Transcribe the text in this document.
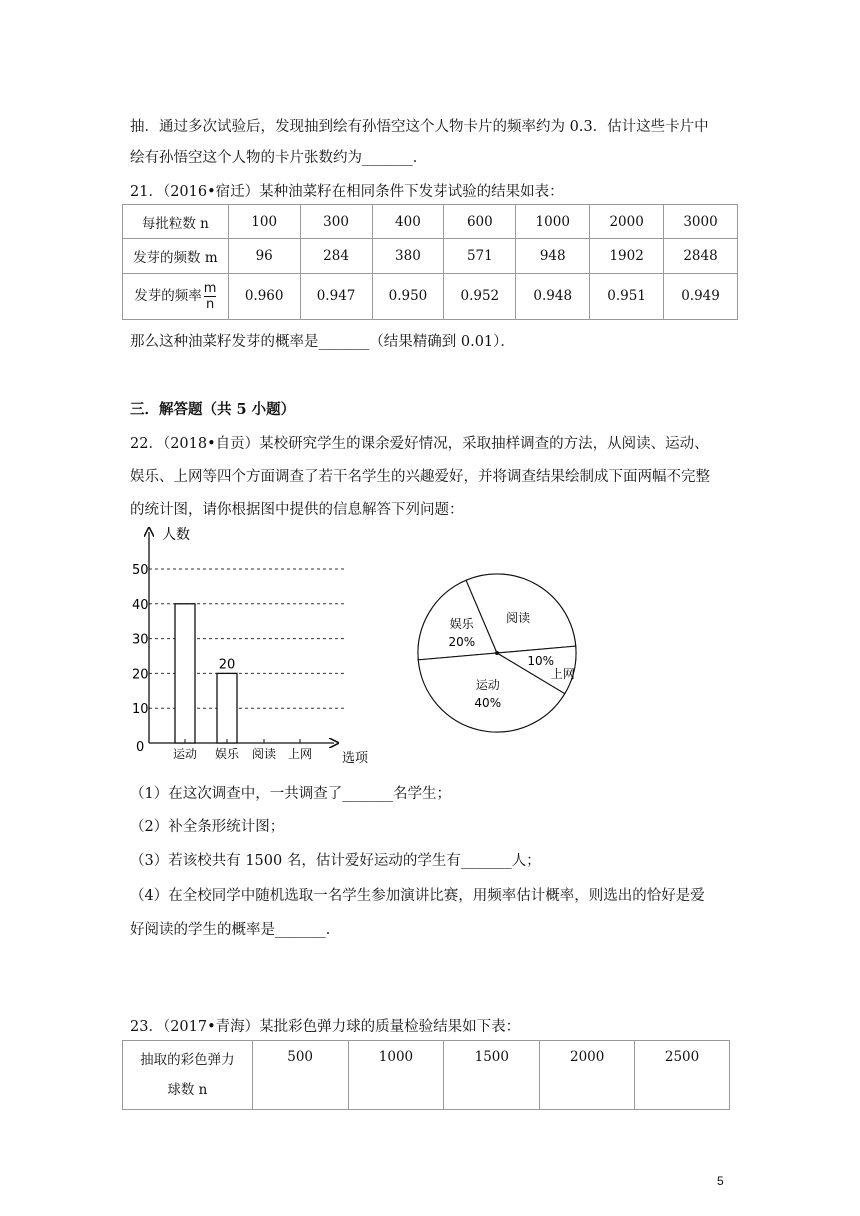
抽．通过多次试验后，发现抽到绘有孙悟空这个人物卡片的频率约为 0.3．估计这些卡片中
绘有孙悟空这个人物的卡片张数约为_______．
21．（2016•宿迁）某种油菜籽在相同条件下发芽试验的结果如表：
每批粒数 n	100	300	400	600	1000	2000	3000
发芽的频数 m	96	284	380	571	948	1902	2848
发芽的频率 $\frac{m}{n}$	0.960	0.947	0.950	0.952	0.948	0.951	0.949
那么这种油菜籽发芽的概率是_______（结果精确到 0.01）．
三．解答题（共 5 小题）
22．（2018•自贡）某校研究学生的课余爱好情况，采取抽样调查的方法，从阅读、运动、
娱乐、上网等四个方面调查了若干名学生的兴趣爱好，并将调查结果绘制成下面两幅不完整
的统计图，请你根据图中提供的信息解答下列问题：
人数
选项
0
10
20
30
40
50
20
运动 娱乐 阅读 上网
娱乐
20%
阅读
上网
10%
运动
40%
（1）在这次调查中，一共调查了_______名学生；
（2）补全条形统计图；
（3）若该校共有 1500 名，估计爱好运动的学生有_______人；
（4）在全校同学中随机选取一名学生参加演讲比赛，用频率估计概率，则选出的恰好是爱
好阅读的学生的概率是_______．
23．（2017•青海）某批彩色弹力球的质量检验结果如下表：
抽取的彩色弹力
球数 n	500	1000	1500	2000	2500
5
